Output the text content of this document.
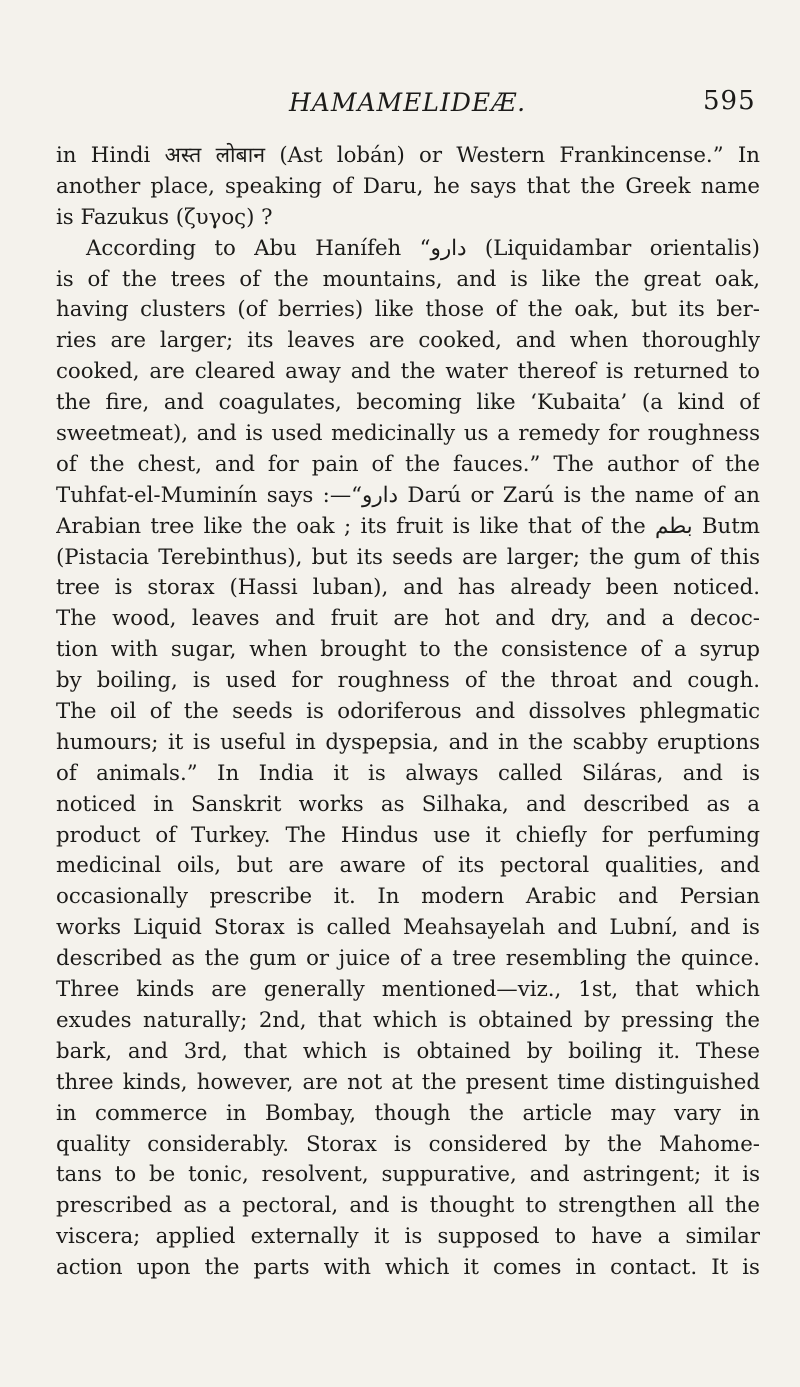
HAMAMELIDEÆ.	595
in Hindi अस्त लोबान (Ast lobán) or Western Frankincense.” In
another place, speaking of Daru, he says that the Greek name
is Fazukus (ζυγος) ?
According to Abu Hanífeh “دارو (Liquidambar orientalis)
is of the trees of the mountains, and is like the great oak,
having clusters (of berries) like those of the oak, but its ber-
ries are larger; its leaves are cooked, and when thoroughly
cooked, are cleared away and the water thereof is returned to
the fire, and coagulates, becoming like ‘Kubaita’ (a kind of
sweetmeat), and is used medicinally us a remedy for roughness
of the chest, and for pain of the fauces.” The author of the
Tuhfat-el-Muminín says :—“دارو Darú or Zarú is the name of an
Arabian tree like the oak ; its fruit is like that of the بطم Butm
(Pistacia Terebinthus), but its seeds are larger; the gum of this
tree is storax (Hassi luban), and has already been noticed.
The wood, leaves and fruit are hot and dry, and a decoc-
tion with sugar, when brought to the consistence of a syrup
by boiling, is used for roughness of the throat and cough.
The oil of the seeds is odoriferous and dissolves phlegmatic
humours; it is useful in dyspepsia, and in the scabby eruptions
of animals.” In India it is always called Siláras, and is
noticed in Sanskrit works as Silhaka, and described as a
product of Turkey. The Hindus use it chiefly for perfuming
medicinal oils, but are aware of its pectoral qualities, and
occasionally prescribe it. In modern Arabic and Persian
works Liquid Storax is called Meahsayelah and Lubní, and is
described as the gum or juice of a tree resembling the quince.
Three kinds are generally mentioned—viz., 1st, that which
exudes naturally; 2nd, that which is obtained by pressing the
bark, and 3rd, that which is obtained by boiling it. These
three kinds, however, are not at the present time distinguished
in commerce in Bombay, though the article may vary in
quality considerably. Storax is considered by the Mahome-
tans to be tonic, resolvent, suppurative, and astringent; it is
prescribed as a pectoral, and is thought to strengthen all the
viscera; applied externally it is supposed to have a similar
action upon the parts with which it comes in contact. It is
